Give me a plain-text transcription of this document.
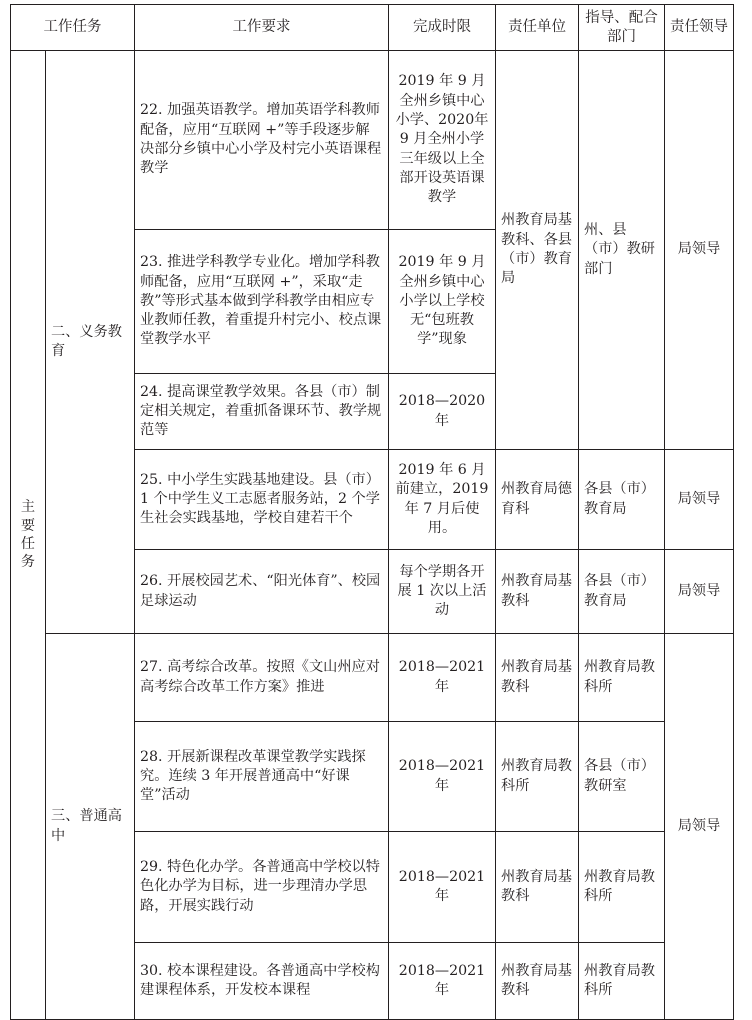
工作任务		工作要求	完成时限	责任单位	指导、配合部门	责任领导

主要任务	二、义务教育	22. 加强英语教学。增加英语学科教师配备，应用“互联网 +”等手段逐步解决部分乡镇中心小学及村完小英语课程教学	2019 年 9 月全州乡镇中心小学、2020年 9 月全州小学三年级以上全部开设英语课教学	州教育局基教科、各县（市）教育局	州、县（市）教研部门	局领导
		23. 推进学科教学专业化。增加学科教师配备，应用“互联网 +”，采取“走教”等形式基本做到学科教学由相应专业教师任教，着重提升村完小、校点课堂教学水平	2019 年 9 月全州乡镇中心小学以上学校无“包班教学”现象			
		24. 提高课堂教学效果。各县（市）制定相关规定，着重抓备课环节、教学规范等	2018—2020 年			
		25. 中小学生实践基地建设。县（市）1 个中学生义工志愿者服务站，2 个学生社会实践基地，学校自建若干个	2019 年 6 月前建立，2019 年 7 月后使用。	州教育局德育科	各县（市）教育局	局领导
		26. 开展校园艺术、“阳光体育”、校园足球运动	每个学期各开展 1 次以上活动	州教育局基教科	各县（市）教育局	局领导
	三、普通高中	27. 高考综合改革。按照《文山州应对高考综合改革工作方案》推进	2018—2021 年	州教育局基教科	州教育局教科所	局领导
		28. 开展新课程改革课堂教学实践探究。连续 3 年开展普通高中“好课堂”活动	2018—2021 年	州教育局教科所	各县（市）教研室	
		29. 特色化办学。各普通高中学校以特色化办学为目标，进一步理清办学思路，开展实践行动	2018—2021 年	州教育局基教科	州教育局教科所	
		30. 校本课程建设。各普通高中学校构建课程体系，开发校本课程	2018—2021 年	州教育局基教科	州教育局教科所	
